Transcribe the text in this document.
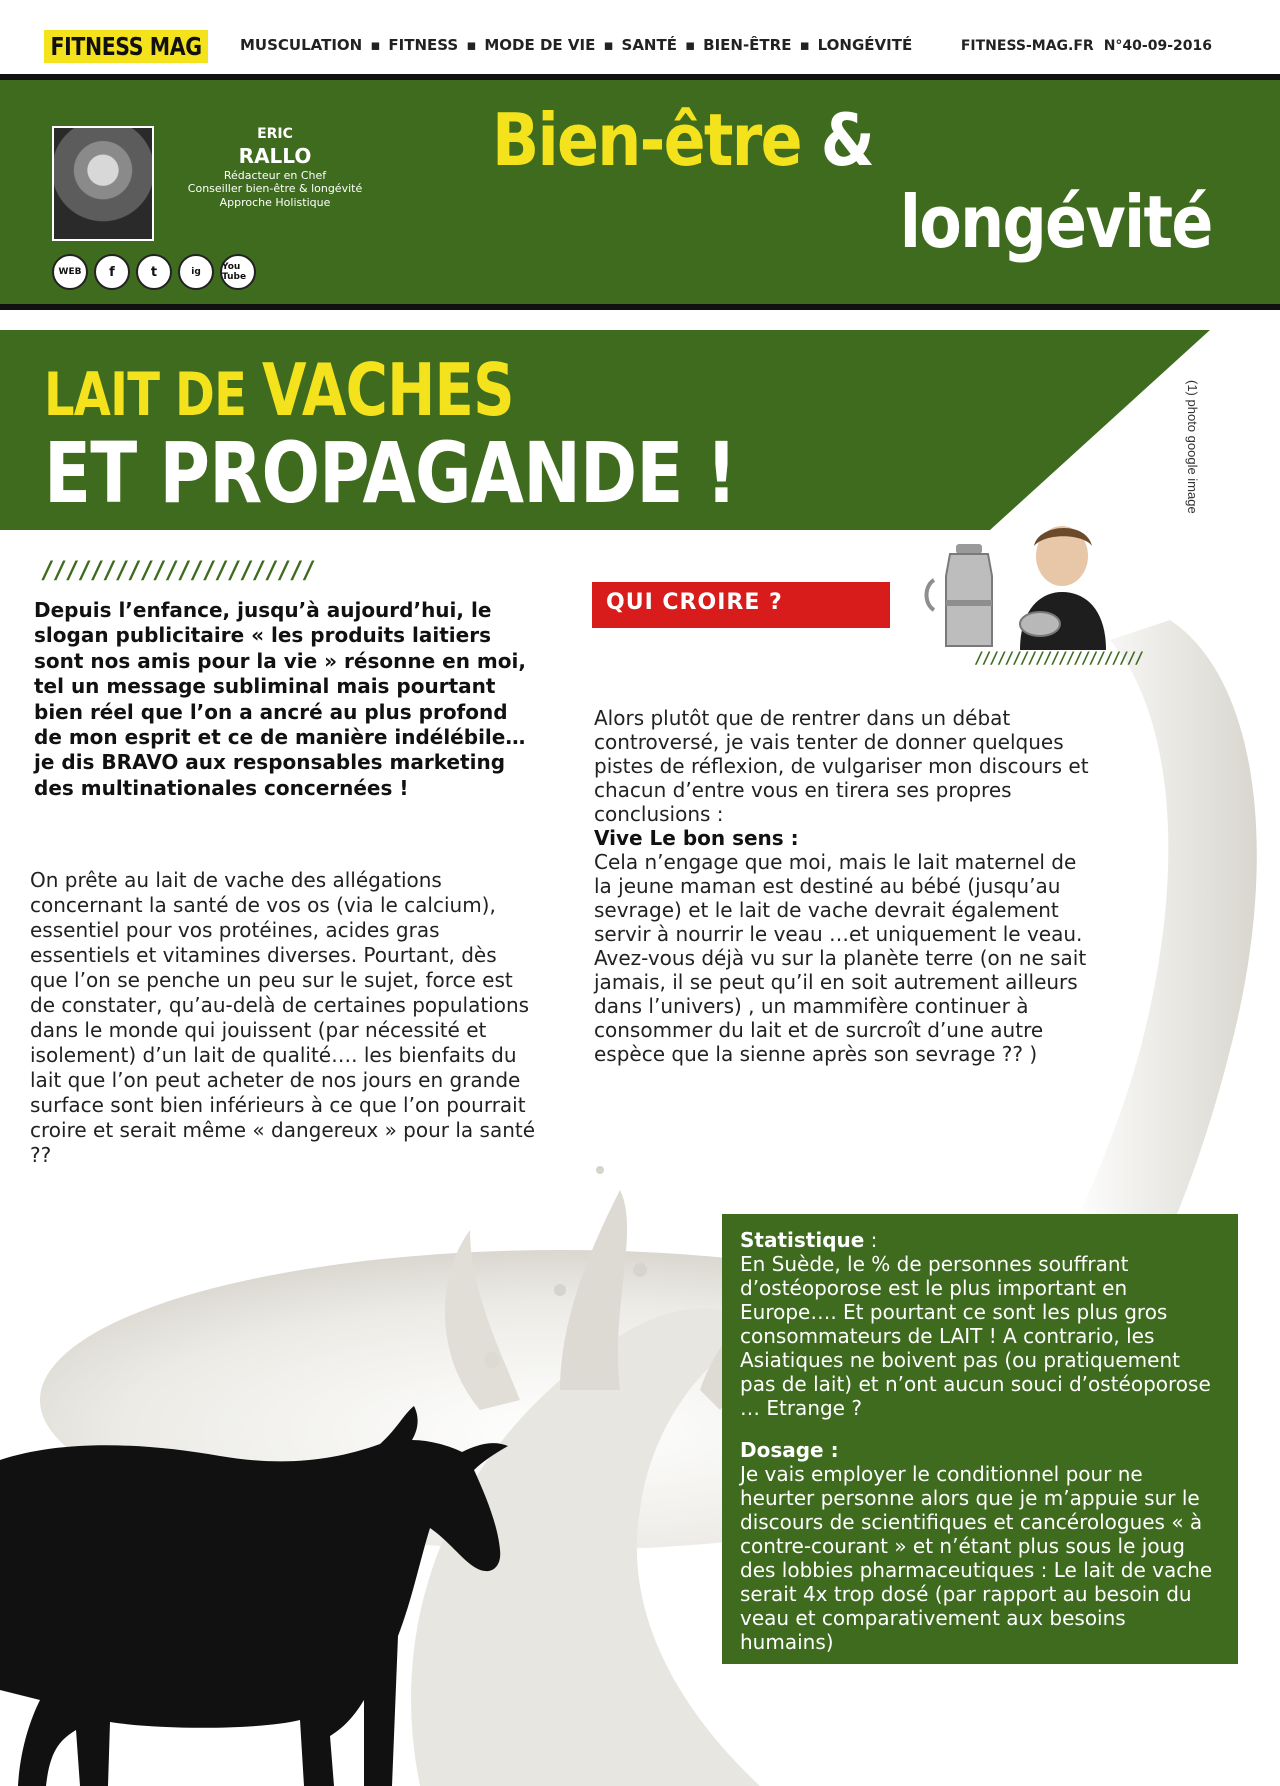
FITNESS MAG	MUSCULATION ▪ FITNESS ▪ MODE DE VIE ▪ SANTÉ ▪ BIEN-ÊTRE ▪ LONGÉVITÉ	FITNESS-MAG.FR N°40-09-2016
ERIC
RALLO
Rédacteur en Chef
Conseiller bien-être & longévité
Approche Holistique
WEB	f	t	ig	You Tube
Bien-être &
longévité
LAIT DE VACHES
ET PROPAGANDE !	(1) photo google image
//////////////////////
Depuis l’enfance, jusqu’à aujourd’hui, le slogan publicitaire « les produits laitiers sont nos amis pour la vie » résonne en moi, tel un message subliminal mais pourtant bien réel que l’on a ancré au plus profond de mon esprit et ce de manière indélébile… je dis BRAVO aux responsables marketing des multinationales concernées !
On prête au lait de vache des allégations concernant la santé de vos os (via le calcium), essentiel pour vos protéines, acides gras essentiels et vitamines diverses. Pourtant, dès que l’on se penche un peu sur le sujet, force est de constater, qu’au-delà de certaines populations dans le monde qui jouissent (par nécessité et isolement) d’un lait de qualité…. les bienfaits du lait que l’on peut acheter de nos jours en grande surface sont bien inférieurs à ce que l’on pourrait croire et serait même « dangereux » pour la santé ??
QUI CROIRE ?
//////////////////////
Alors plutôt que de rentrer dans un débat controversé, je vais tenter de donner quelques pistes de réflexion, de vulgariser mon discours et chacun d’entre vous en tirera ses propres conclusions :
Vive Le bon sens :
Cela n’engage que moi, mais le lait maternel de la jeune maman est destiné au bébé (jusqu’au sevrage) et le lait de vache devrait également servir à nourrir le veau …et uniquement le veau. Avez-vous déjà vu sur la planète terre (on ne sait jamais, il se peut qu’il en soit autrement ailleurs dans l’univers) , un mammifère continuer à consommer du lait et de surcroît d’une autre espèce que la sienne après son sevrage ?? )

Statistique :
En Suède, le % de personnes souffrant d’ostéoporose est le plus important en Europe…. Et pourtant ce sont les plus gros consommateurs de LAIT ! A contrario, les Asiatiques ne boivent pas (ou pratiquement pas de lait) et n’ont aucun souci d’ostéoporose … Etrange ?

Dosage :
Je vais employer le conditionnel pour ne heurter personne alors que je m’appuie sur le discours de scientifiques et cancérologues « à contre-courant » et n’étant plus sous le joug des lobbies pharmaceutiques : Le lait de vache serait 4x trop dosé (par rapport au besoin du veau et comparativement aux besoins humains)
